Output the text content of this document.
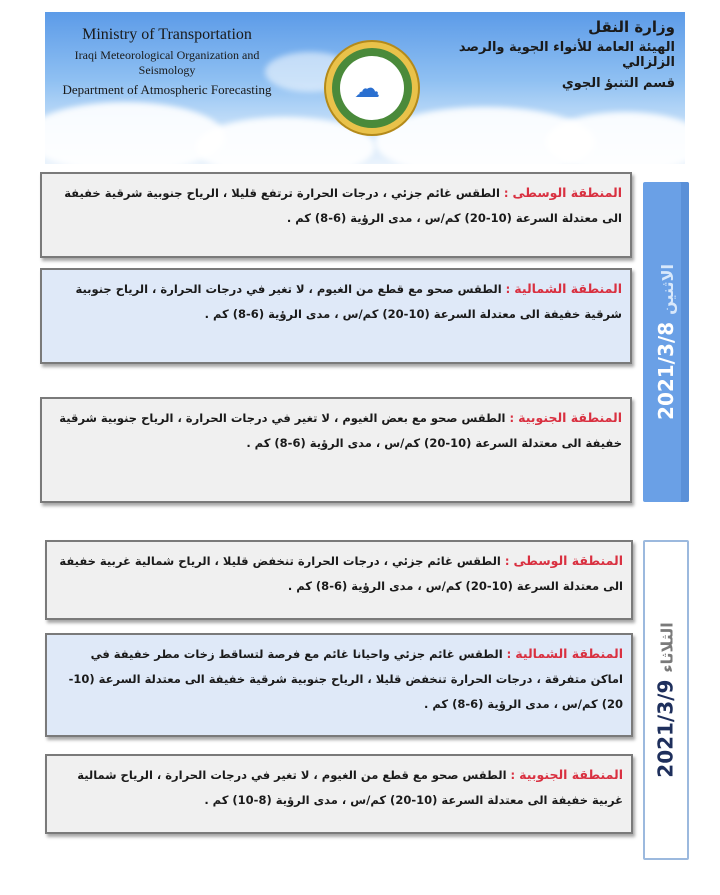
Ministry of Transportation
Iraqi Meteorological Organization and Seismology
Department of Atmospheric Forecasting	☁
وزارة النقل
الهيئة العامة للأنواء الجوية والرصد الزلزالي
قسم التنبؤ الجوي
2021/3/8 الاثنين
المنطقة الوسطى : الطقس غائم جزئي ، درجات الحرارة ترتفع قليلا ، الرياح جنوبية شرقية خفيفة الى معتدلة السرعة (10-20) كم/س ، مدى الرؤية (6-8) كم .
المنطقة الشمالية : الطقس صحو مع قطع من الغيوم ، لا تغير في درجات الحرارة ، الرياح جنوبية شرقية خفيفة الى معتدلة السرعة (10-20) كم/س ، مدى الرؤية (6-8) كم .
المنطقة الجنوبية : الطقس صحو مع بعض الغيوم ، لا تغير في درجات الحرارة ، الرياح جنوبية شرقية خفيفة الى معتدلة السرعة (10-20) كم/س ، مدى الرؤية (6-8) كم .
2021/3/9 الثلاثاء
المنطقة الوسطى : الطقس غائم جزئي ، درجات الحرارة تنخفض قليلا ، الرياح شمالية غربية خفيفة الى معتدلة السرعة (10-20) كم/س ، مدى الرؤية (6-8) كم .
المنطقة الشمالية : الطقس غائم جزئي واحيانا غائم مع فرصة لتساقط زخات مطر خفيفة في اماكن متفرقة ، درجات الحرارة تنخفض قليلا ، الرياح جنوبية شرقية خفيفة الى معتدلة السرعة (10-20) كم/س ، مدى الرؤية (6-8) كم .
المنطقة الجنوبية : الطقس صحو مع قطع من الغيوم ، لا تغير في درجات الحرارة ، الرياح شمالية غربية خفيفة الى معتدلة السرعة (10-20) كم/س ، مدى الرؤية (8-10) كم .
